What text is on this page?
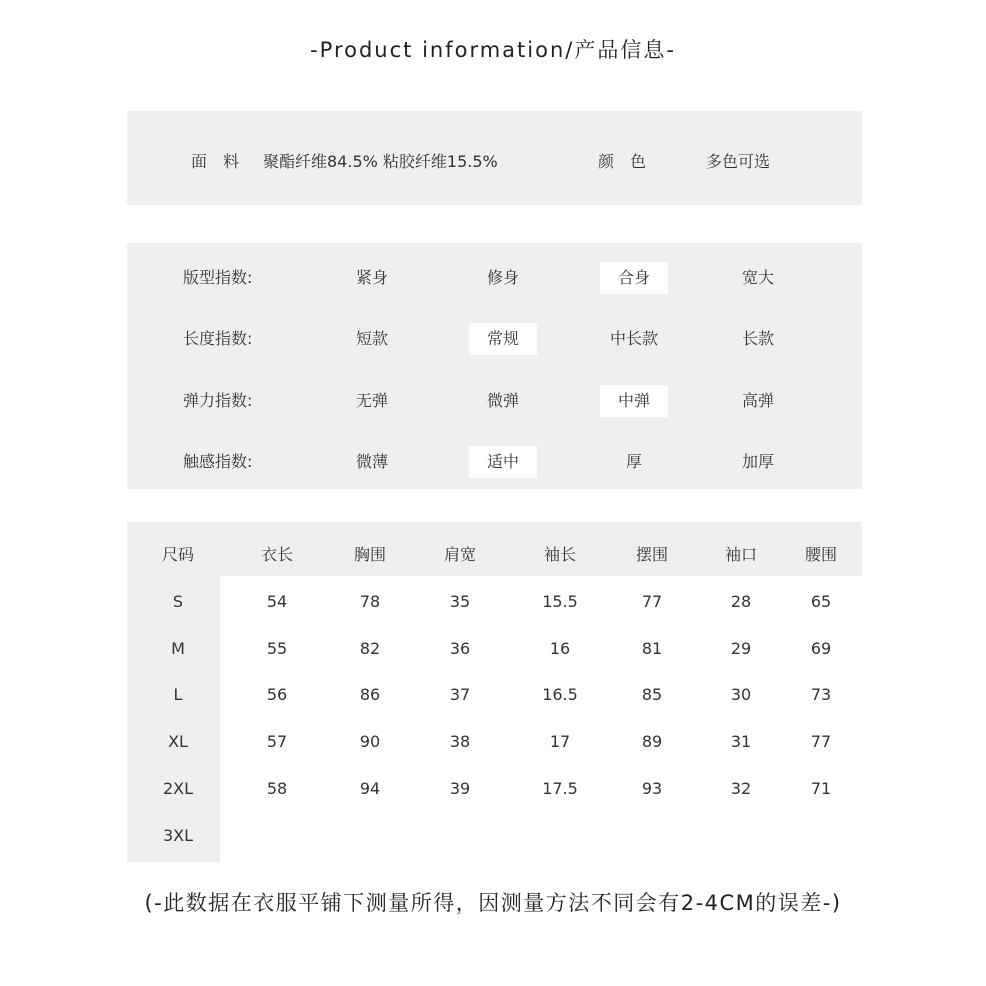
-Product information/产品信息-
面　料 聚酯纤维84.5% 粘胶纤维15.5%	颜　色	多色可选
版型指数:	紧身	修身	合身	宽大
长度指数:	短款	常规	中长款	长款
弹力指数:	无弹	微弹	中弹	高弹
触感指数:	微薄	适中	厚	加厚
尺码	衣长	胸围	肩宽	袖长	摆围	袖口	腰围
S	54	78	35	15.5	77	28	65
M	55	82	36	16	81	29	69
L	56	86	37	16.5	85	30	73
XL	57	90	38	17	89	31	77
2XL	58	94	39	17.5	93	32	71
3XL
(-此数据在衣服平铺下测量所得，因测量方法不同会有2-4CM的误差-)
